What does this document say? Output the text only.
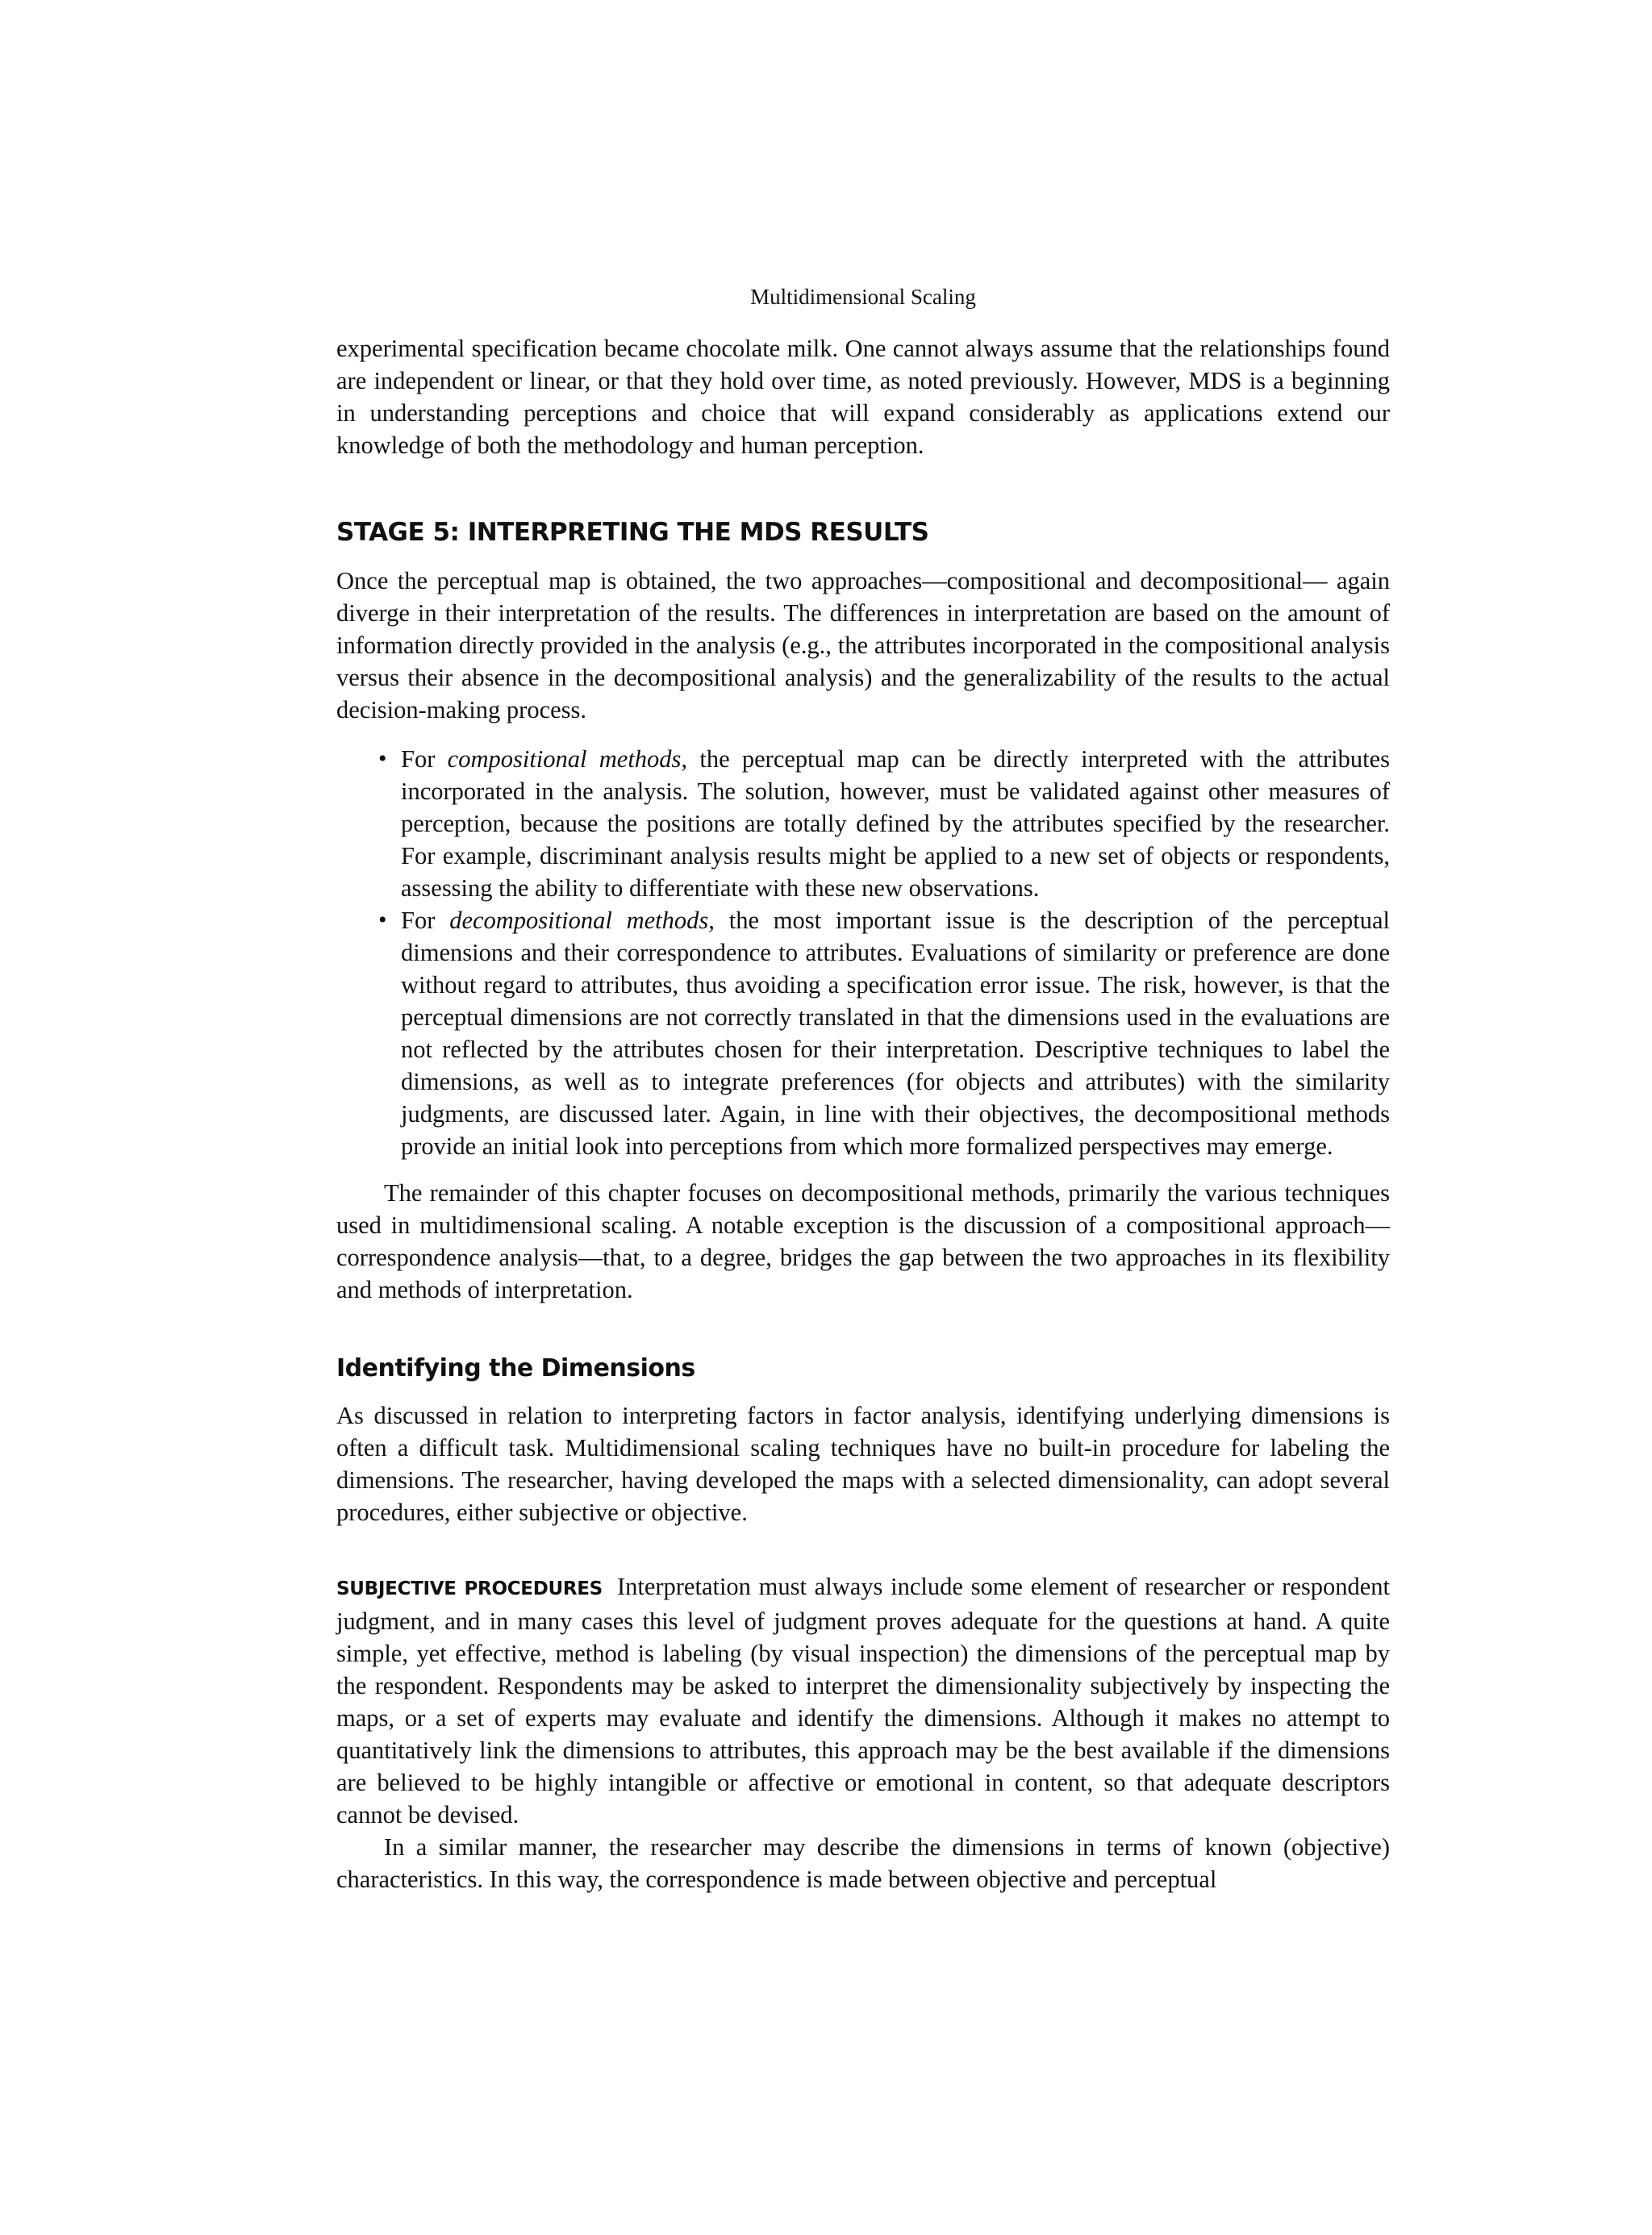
Multidimensional Scaling

experimental specification became chocolate milk. One cannot always assume that the relationships found are independent or linear, or that they hold over time, as noted previously. However, MDS is a beginning in understanding perceptions and choice that will expand considerably as applications extend our knowledge of both the methodology and human perception.

STAGE 5: INTERPRETING THE MDS RESULTS

Once the perceptual map is obtained, the two approaches—compositional and decompositional— again diverge in their interpretation of the results. The differences in interpretation are based on the amount of information directly provided in the analysis (e.g., the attributes incorporated in the compositional analysis versus their absence in the decompositional analysis) and the generalizability of the results to the actual decision-making process.

• For compositional methods, the perceptual map can be directly interpreted with the attributes incorporated in the analysis. The solution, however, must be validated against other measures of perception, because the positions are totally defined by the attributes specified by the researcher. For example, discriminant analysis results might be applied to a new set of objects or respondents, assessing the ability to differentiate with these new observations.

• For decompositional methods, the most important issue is the description of the perceptual dimensions and their correspondence to attributes. Evaluations of similarity or preference are done without regard to attributes, thus avoiding a specification error issue. The risk, however, is that the perceptual dimensions are not correctly translated in that the dimensions used in the evaluations are not reflected by the attributes chosen for their interpretation. Descriptive techniques to label the dimensions, as well as to integrate preferences (for objects and attributes) with the similarity judgments, are discussed later. Again, in line with their objectives, the decompositional methods provide an initial look into perceptions from which more formalized perspectives may emerge.

The remainder of this chapter focuses on decompositional methods, primarily the various techniques used in multidimensional scaling. A notable exception is the discussion of a compositional approach—correspondence analysis—that, to a degree, bridges the gap between the two approaches in its flexibility and methods of interpretation.

Identifying the Dimensions

As discussed in relation to interpreting factors in factor analysis, identifying underlying dimensions is often a difficult task. Multidimensional scaling techniques have no built-in procedure for labeling the dimensions. The researcher, having developed the maps with a selected dimensionality, can adopt several procedures, either subjective or objective.

SUBJECTIVE PROCEDURES Interpretation must always include some element of researcher or respondent judgment, and in many cases this level of judgment proves adequate for the questions at hand. A quite simple, yet effective, method is labeling (by visual inspection) the dimensions of the perceptual map by the respondent. Respondents may be asked to interpret the dimensionality subjectively by inspecting the maps, or a set of experts may evaluate and identify the dimensions. Although it makes no attempt to quantitatively link the dimensions to attributes, this approach may be the best available if the dimensions are believed to be highly intangible or affective or emotional in content, so that adequate descriptors cannot be devised.

In a similar manner, the researcher may describe the dimensions in terms of known (objective) characteristics. In this way, the correspondence is made between objective and perceptual
